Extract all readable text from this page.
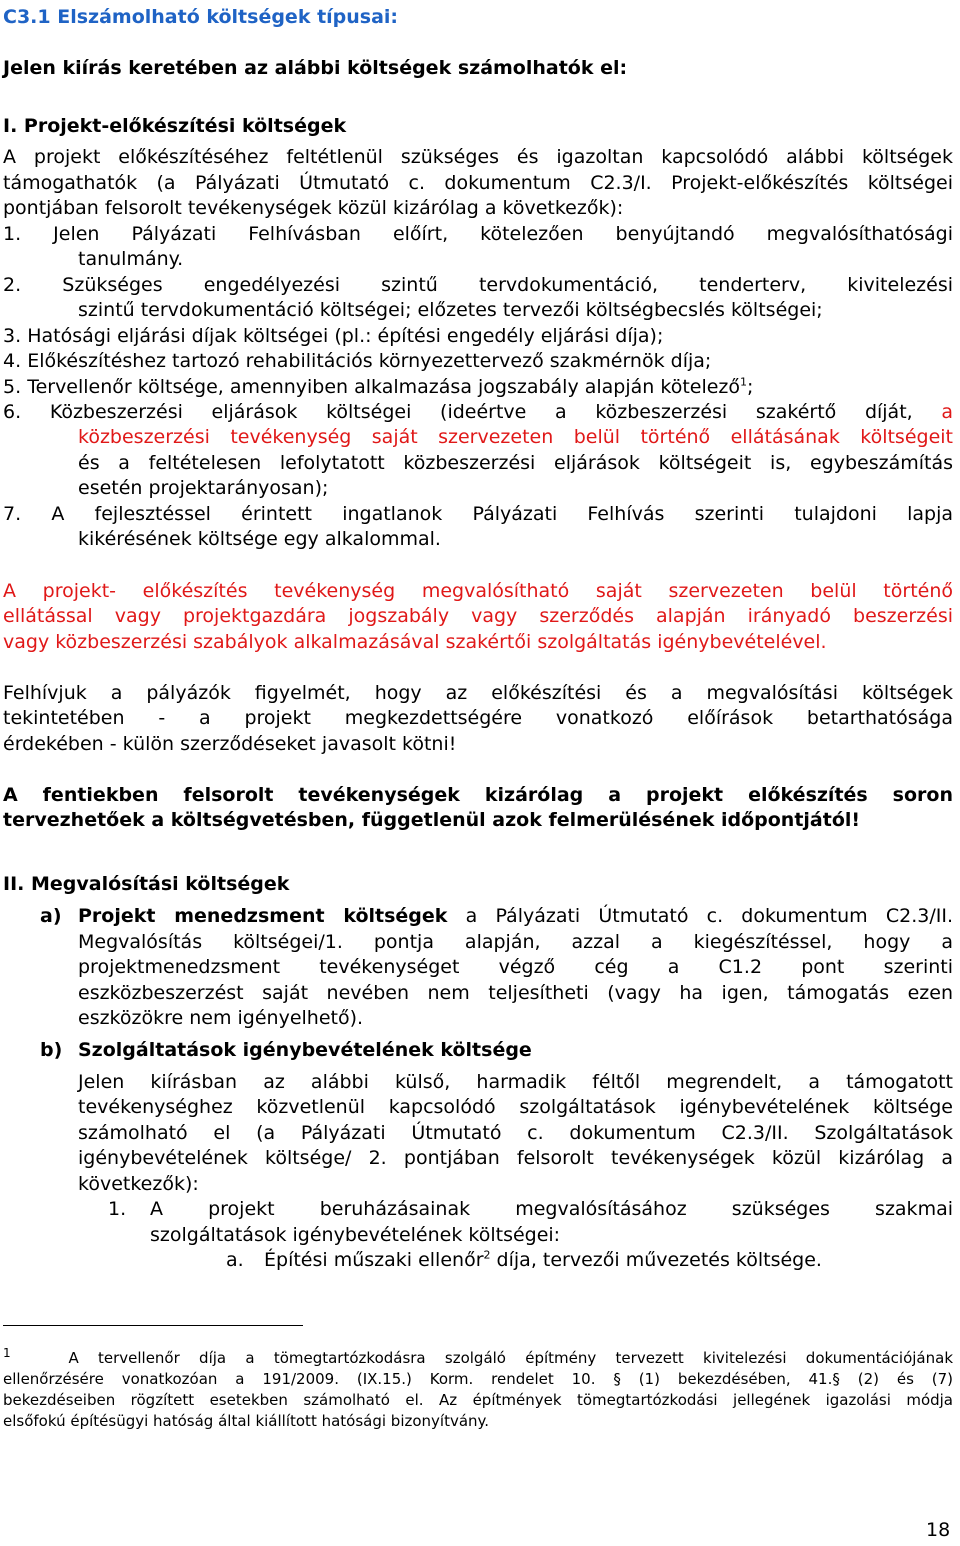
C3.1 Elszámolható költségek típusai:
Jelen kiírás keretében az alábbi költségek számolhatók el:
I. Projekt-előkészítési költségek
A projekt előkészítéséhez feltétlenül szükséges és igazoltan kapcsolódó alábbi költségek
támogathatók (a Pályázati Útmutató c. dokumentum C2.3/I. Projekt-előkészítés költségei
pontjában felsorolt tevékenységek közül kizárólag a következők):
1. Jelen Pályázati Felhívásban előírt, kötelezően benyújtandó megvalósíthatósági
tanulmány.
2. Szükséges engedélyezési szintű tervdokumentáció, tenderterv, kivitelezési
szintű tervdokumentáció költségei; előzetes tervezői költségbecslés költségei;
3. Hatósági eljárási díjak költségei (pl.: építési engedély eljárási díja);
4. Előkészítéshez tartozó rehabilitációs környezettervező szakmérnök díja;
5. Tervellenőr költsége, amennyiben alkalmazása jogszabály alapján kötelező$^1$;
6. Közbeszerzési eljárások költségei (ideértve a közbeszerzési szakértő díját, a
közbeszerzési tevékenység saját szervezeten belül történő ellátásának költségeit
és a feltételesen lefolytatott közbeszerzési eljárások költségeit is, egybeszámítás
esetén projektarányosan);
7. A fejlesztéssel érintett ingatlanok Pályázati Felhívás szerinti tulajdoni lapja
kikérésének költsége egy alkalommal.
A projekt- előkészítés tevékenység megvalósítható saját szervezeten belül történő
ellátással vagy projektgazdára jogszabály vagy szerződés alapján irányadó beszerzési
vagy közbeszerzési szabályok alkalmazásával szakértői szolgáltatás igénybevételével.
Felhívjuk a pályázók figyelmét, hogy az előkészítési és a megvalósítási költségek
tekintetében - a projekt megkezdettségére vonatkozó előírások betarthatósága
érdekében - külön szerződéseket javasolt kötni!
A fentiekben felsorolt tevékenységek kizárólag a projekt előkészítés soron
tervezhetőek a költségvetésben, függetlenül azok felmerülésének időpontjától!
II. Megvalósítási költségek
a) Projekt menedzsment költségek a Pályázati Útmutató c. dokumentum C2.3/II.
Megvalósítás költségei/1. pontja alapján, azzal a kiegészítéssel, hogy a
projektmenedzsment tevékenységet végző cég a C1.2 pont szerinti
eszközbeszerzést saját nevében nem teljesítheti (vagy ha igen, támogatás ezen
eszközökre nem igényelhető).
b) Szolgáltatások igénybevételének költsége
Jelen kiírásban az alábbi külső, harmadik féltől megrendelt, a támogatott
tevékenységhez közvetlenül kapcsolódó szolgáltatások igénybevételének költsége
számolható el (a Pályázati Útmutató c. dokumentum C2.3/II. Szolgáltatások
igénybevételének költsége/ 2. pontjában felsorolt tevékenységek közül kizárólag a
következők):
1. A projekt beruházásainak megvalósításához szükséges szakmai
szolgáltatások igénybevételének költségei:
a. Építési műszaki ellenőr$^2$ díja, tervezői művezetés költsége.
$^1$	A tervellenőr díja a tömegtartózkodásra szolgáló építmény tervezett kivitelezési dokumentációjának
ellenőrzésére vonatkozóan a 191/2009. (IX.15.) Korm. rendelet 10. § (1) bekezdésében, 41.§ (2) és (7)
bekezdéseiben rögzített esetekben számolható el. Az építmények tömegtartózkodási jellegének igazolási módja
elsőfokú építésügyi hatóság által kiállított hatósági bizonyítvány.
18
